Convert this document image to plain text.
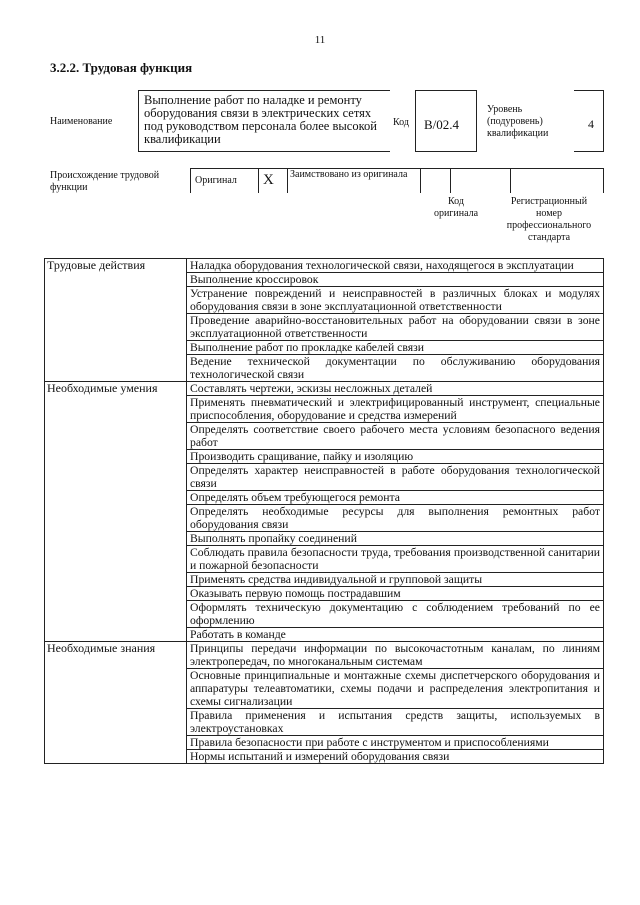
11
3.2.2. Трудовая функция
Наименование
Выполнение работ по наладке и ремонту оборудования связи в электрических сетях под руководством персонала более высокой квалификации
Код	B/02.4
Уровень (подуровень) квалификации
4
Происхождение трудовой функции
Оригинал X Заимствовано из оригинала
Код оригинала
Регистрационный номер профессионального стандарта
Трудовые действия	Наладка оборудования технологической связи, находящегося в эксплуатации
	Выполнение кроссировок
	Устранение повреждений и неисправностей в различных блоках и модулях оборудования связи в зоне эксплуатационной ответственности
	Проведение аварийно-восстановительных работ на оборудовании связи в зоне эксплуатационной ответственности
	Выполнение работ по прокладке кабелей связи
	Ведение технической документации по обслуживанию оборудования технологической связи
Необходимые умения	Составлять чертежи, эскизы несложных деталей
	Применять пневматический и электрифицированный инструмент, специальные приспособления, оборудование и средства измерений
	Определять соответствие своего рабочего места условиям безопасного ведения работ
	Производить сращивание, пайку и изоляцию
	Определять характер неисправностей в работе оборудования технологической связи
	Определять объем требующегося ремонта
	Определять необходимые ресурсы для выполнения ремонтных работ оборудования связи
	Выполнять пропайку соединений
	Соблюдать правила безопасности труда, требования производственной санитарии и пожарной безопасности
	Применять средства индивидуальной и групповой защиты
	Оказывать первую помощь пострадавшим
	Оформлять техническую документацию с соблюдением требований по ее оформлению
	Работать в команде
Необходимые знания	Принципы передачи информации по высокочастотным каналам, по линиям электропередач, по многоканальным системам
	Основные принципиальные и монтажные схемы диспетчерского оборудования и аппаратуры телеавтоматики, схемы подачи и распределения электропитания и схемы сигнализации
	Правила применения и испытания средств защиты, используемых в электроустановках
	Правила безопасности при работе с инструментом и приспособлениями
	Нормы испытаний и измерений оборудования связи
